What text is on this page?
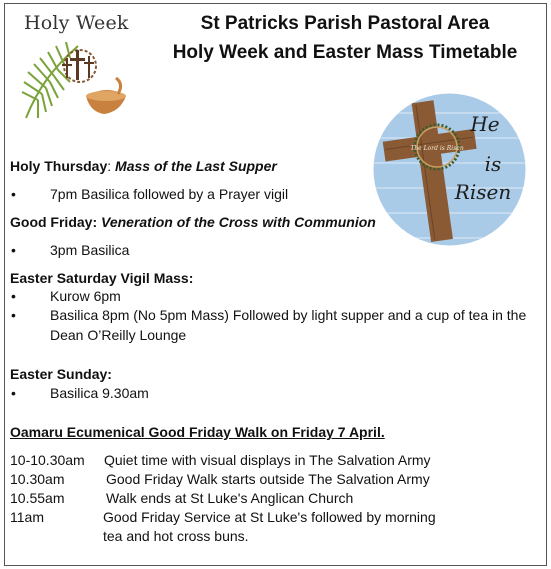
Holy Week	St Patricks Parish Pastoral Area
Holy Week and Easter Mass Timetable
The Lord is Risen
He
is
Risen
Holy Thursday: Mass of the Last Supper
• 7pm Basilica followed by a Prayer vigil
Good Friday: Veneration of the Cross with Communion
• 3pm Basilica
Easter Saturday Vigil Mass:
• Kurow 6pm
• Basilica 8pm (No 5pm Mass) Followed by light supper and a cup of tea in the
Dean O’Reilly Lounge
Easter Sunday:
• Basilica 9.30am
Oamaru Ecumenical Good Friday Walk on Friday 7 April.
10-10.30am Quiet time with visual displays in The Salvation Army
10.30am	Good Friday Walk starts outside The Salvation Army
10.55am	Walk ends at St Luke's Anglican Church
11am	Good Friday Service at St Luke's followed by morning
tea and hot cross buns.
